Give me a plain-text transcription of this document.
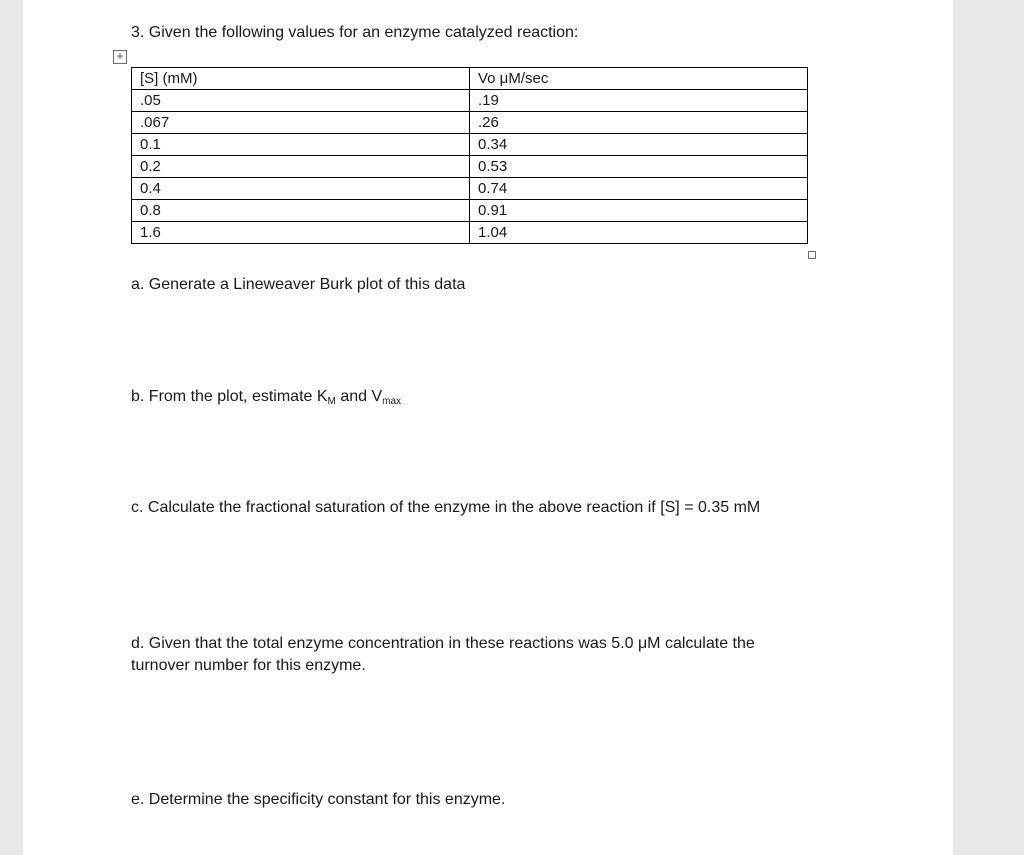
3. Given the following values for an enzyme catalyzed reaction:

+
[S] (mM)	Vo μM/sec
.05	.19
.067	.26
0.1	0.34
0.2	0.53
0.4	0.74
0.8	0.91
1.6	1.04

a. Generate a Lineweaver Burk plot of this data

b. From the plot, estimate $K_M$ and $V_{max}$

c. Calculate the fractional saturation of the enzyme in the above reaction if [S] = 0.35 mM

d. Given that the total enzyme concentration in these reactions was 5.0 μM calculate the

turnover number for this enzyme.

e. Determine the specificity constant for this enzyme.
